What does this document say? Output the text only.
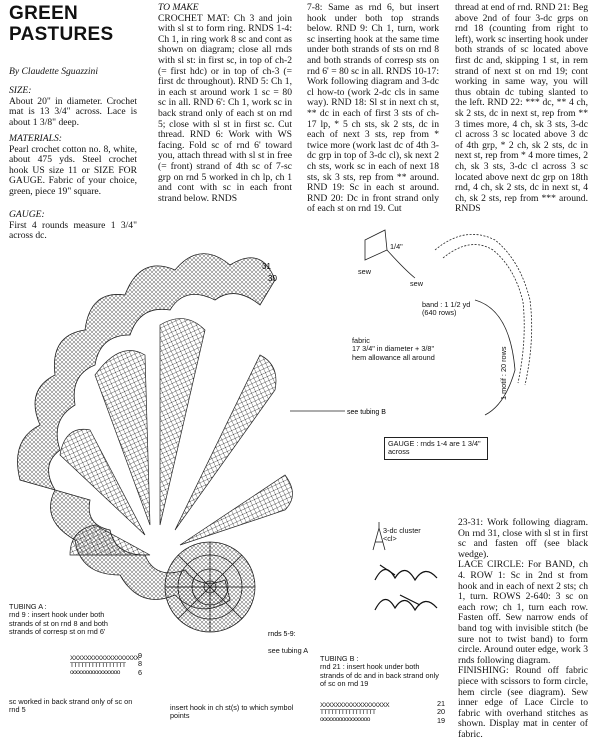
GREEN
PASTURES
By Claudette Sguazzini

SIZE:

About 20" in diameter. Crochet mat is 13 3/4" across. Lace is about 1 3/8" deep.

MATERIALS:

Pearl crochet cotton no. 8, white, about 475 yds. Steel crochet hook US size 11 or SIZE FOR GAUGE. Fabric of your choice, green, piece 19" square.

GAUGE:

First 4 rounds measure 1 3/4" across dc.

TO MAKE

CROCHET MAT: Ch 3 and join with sl st to form ring. RNDS 1-4: Ch 1, in ring work 8 sc and cont as shown on diagram; close all rnds with sl st: in first sc, in top of ch-2 (= first hdc) or in top of ch-3 (= first dc throughout). RND 5: Ch 1, in each st around work 1 sc = 80 sc in all. RND 6': Ch 1, work sc in back strand only of each st on rnd 5; close with sl st in first sc. Cut thread. RND 6: Work with WS facing. Fold sc of rnd 6' toward you, attach thread with sl st in free (= front) strand of 4th sc of 7-sc grp on rnd 5 worked in ch lp, ch 1 and cont with sc in each front strand below. RNDS

7-8: Same as rnd 6, but insert hook under both top strands below. RND 9: Ch 1, turn, work sc inserting hook at the same time under both strands of sts on rnd 8 and both strands of corresp sts on rnd 6' = 80 sc in all. RNDS 10-17: Work following diagram and 3-dc cl how-to (work 2-dc cls in same way). RND 18: Sl st in next ch st, ** dc in each of first 3 sts of ch-17 lp, * 5 ch sts, sk 2 sts, dc in each of next 3 sts, rep from * twice more (work last dc of 4th 3-dc grp in top of 3-dc cl), sk next 2 ch sts, work sc in each of next 18 sts, sk 3 sts, rep from ** around. RND 19: Sc in each st around. RND 20: Dc in front strand only of each st on rnd 19. Cut
thread at end of rnd. RND 21: Beg above 2nd of four 3-dc grps on rnd 18 (counting from right to left), work sc inserting hook under both strands of sc located above first dc and, skipping 1 st, in rem strand of next st on rnd 19; cont working in same way, you will thus obtain dc tubing slanted to the left. RND 22: *** dc, ** 4 ch, sk 2 sts, dc in next st, rep from ** 3 times more, 4 ch, sk 3 sts, 3-dc cl across 3 sc located above 3 dc of 4th grp, * 2 ch, sk 2 sts, dc in next st, rep from * 4 more times, 2 ch, sk 3 sts, 3-dc cl across 3 sc located above next dc grp on 18th rnd, 4 ch, sk 2 sts, dc in next st, 4 ch, sk 2 sts, rep from *** around. RNDS
31
30
see tubing B
rnds 5-9:
see tubing A
1/4"
sew
sew
band : 1 1/2 yd
(640 rows)
fabric
17 3/4" in diameter + 3/8"
hem allowance all around	1 motif : 20 rows
GAUGE : rnds 1-4 are 1 3/4" across
3-dc cluster <cl>

23-31: Work following diagram. On rnd 31, close with sl st in first sc and fasten off (see black wedge).

LACE CIRCLE: For BAND, ch 4. ROW 1: Sc in 2nd st from hook and in each of next 2 sts; ch 1, turn. ROWS 2-640: 3 sc on each row; ch 1, turn each row. Fasten off. Sew narrow ends of band tog with invisible stitch (be sure not to twist band) to form circle. Around outer edge, work 3 rnds following diagram.

FINISHING: Round off fabric piece with scissors to form circle, hem circle (see diagram). Sew inner edge of Lace Circle to fabric with overhand stitches as shown. Display mat in center of fabric.

TUBING A :
rnd 9 : insert hook under both strands of st on rnd 8 and both strands of corresp st on rnd 6'
XXXXXXXXXXXXXXXXXX
TTTTTTTTTTTTTTTT
oooooooooooooooo
9
8
6
sc worked in back strand only of sc on rnd 5	insert hook in ch st(s) to which symbol points
TUBING B :
rnd 21 : insert hook under both strands of dc and in back strand only of sc on rnd 19
XXXXXXXXXXXXXXXXXX
TTTTTTTTTTTTTTTT
oooooooooooooooo
21
20
19
